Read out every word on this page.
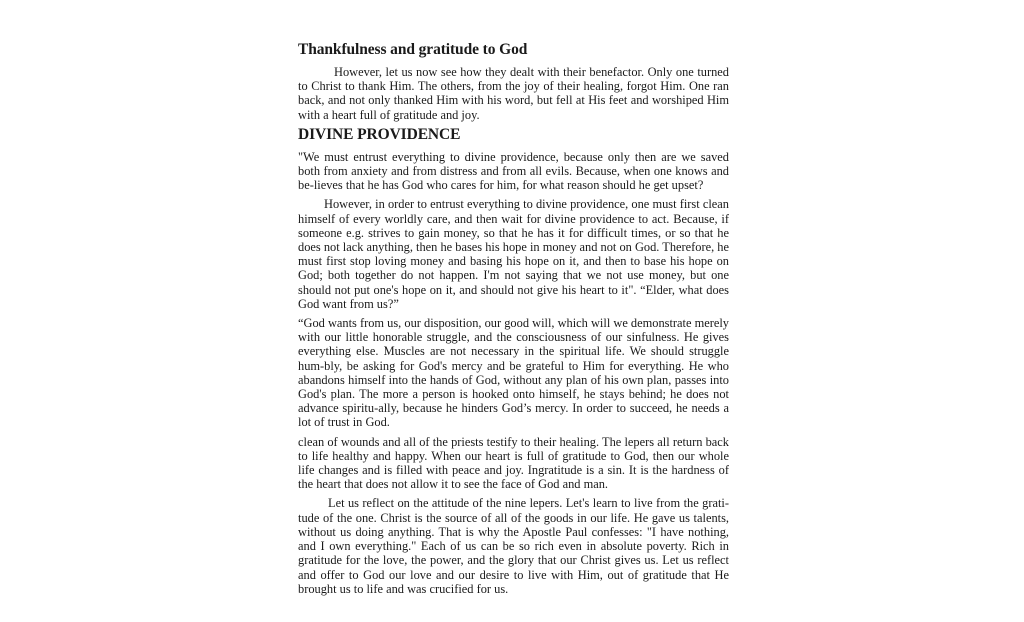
Thankfulness and gratitude to God

However, let us now see how they dealt with their benefactor. Only one turned to Christ to thank Him. The others, from the joy of their healing, forgot Him. One ran back, and not only thanked Him with his word, but fell at His feet and worshiped Him with a heart full of gratitude and joy.

DIVINE PROVIDENCE

"We must entrust everything to divine providence, because only then are we saved both from anxiety and from distress and from all evils. Because, when one knows and be-lieves that he has God who cares for him, for what reason should he get upset?

However, in order to entrust everything to divine providence, one must first clean himself of every worldly care, and then wait for divine providence to act. Because, if someone e.g. strives to gain money, so that he has it for difficult times, or so that he does not lack anything, then he bases his hope in money and not on God. Therefore, he must first stop loving money and basing his hope on it, and then to base his hope on God; both together do not happen. I'm not saying that we not use money, but one should not put one's hope on it, and should not give his heart to it". “Elder, what does God want from us?”

“God wants from us, our disposition, our good will, which will we demonstrate merely with our little honorable struggle, and the consciousness of our sinfulness. He gives everything else. Muscles are not necessary in the spiritual life. We should struggle hum-bly, be asking for God's mercy and be grateful to Him for everything. He who abandons himself into the hands of God, without any plan of his own plan, passes into God's plan. The more a person is hooked onto himself, he stays behind; he does not advance spiritu-ally, because he hinders God’s mercy. In order to succeed, he needs a lot of trust in God.

clean of wounds and all of the priests testify to their healing. The lepers all return back to life healthy and happy. When our heart is full of gratitude to God, then our whole life changes and is filled with peace and joy. Ingratitude is a sin. It is the hardness of the heart that does not allow it to see the face of God and man.

Let us reflect on the attitude of the nine lepers. Let's learn to live from the grati-tude of the one. Christ is the source of all of the goods in our life. He gave us talents, without us doing anything. That is why the Apostle Paul confesses: "I have nothing, and I own everything." Each of us can be so rich even in absolute poverty. Rich in gratitude for the love, the power, and the glory that our Christ gives us. Let us reflect and offer to God our love and our desire to live with Him, out of gratitude that He brought us to life and was crucified for us.
